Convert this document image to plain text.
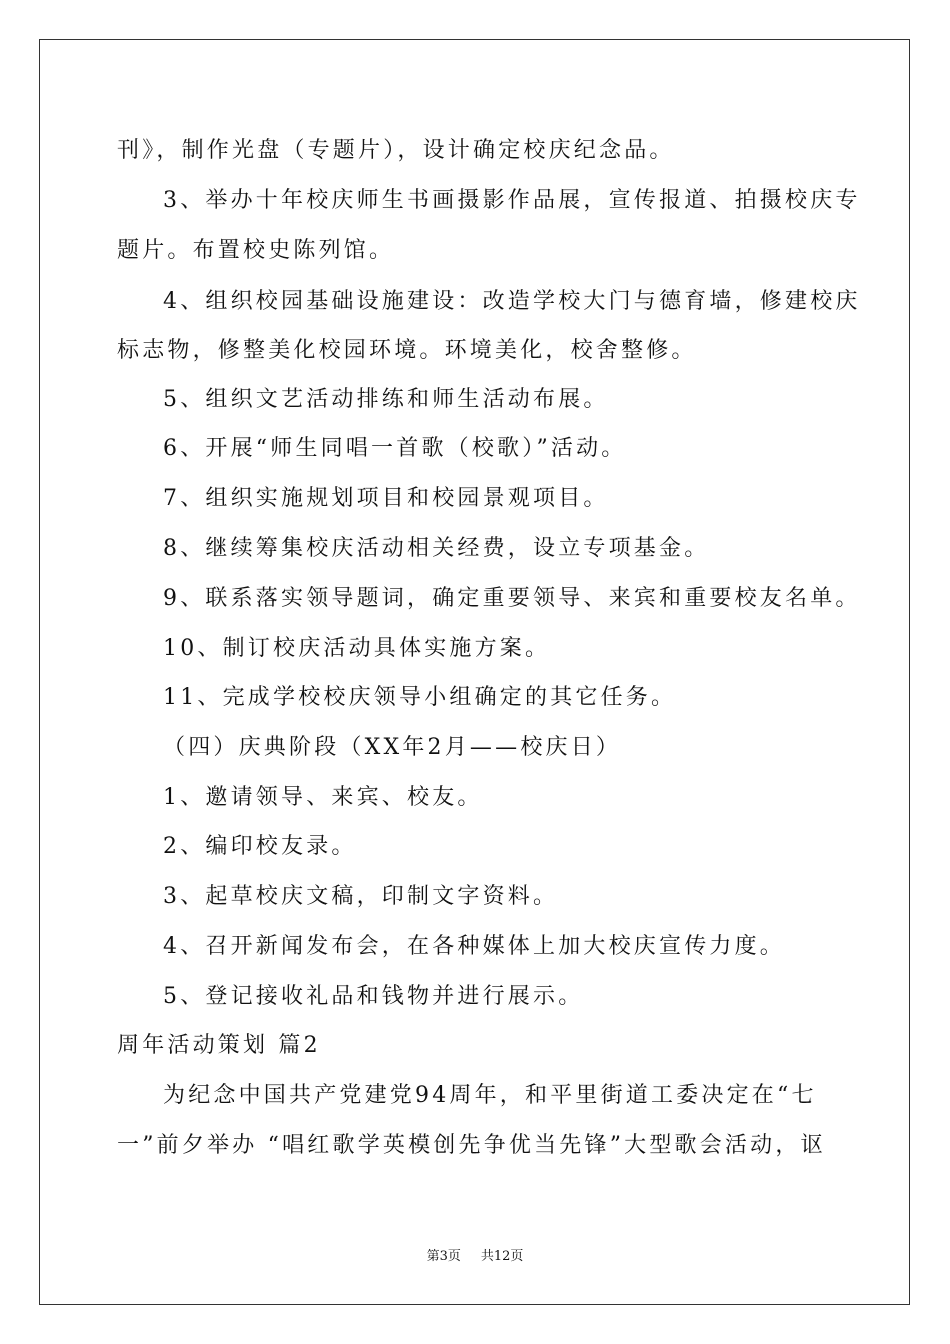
刊》，制作光盘（专题片），设计确定校庆纪念品。
3、举办十年校庆师生书画摄影作品展，宣传报道、拍摄校庆专
题片。布置校史陈列馆。
4、组织校园基础设施建设：改造学校大门与德育墙，修建校庆
标志物，修整美化校园环境。环境美化，校舍整修。
5、组织文艺活动排练和师生活动布展。
6、开展“师生同唱一首歌（校歌）”活动。
7、组织实施规划项目和校园景观项目。
8、继续筹集校庆活动相关经费，设立专项基金。
9、联系落实领导题词，确定重要领导、来宾和重要校友名单。
10、制订校庆活动具体实施方案。
11、完成学校校庆领导小组确定的其它任务。
（四）庆典阶段（XX年2月——校庆日）
1、邀请领导、来宾、校友。
2、编印校友录。
3、起草校庆文稿，印制文字资料。
4、召开新闻发布会，在各种媒体上加大校庆宣传力度。
5、登记接收礼品和钱物并进行展示。
周年活动策划 篇2
为纪念中国共产党建党94周年，和平里街道工委决定在“七
一”前夕举办 “唱红歌学英模创先争优当先锋”大型歌会活动，讴
第3页 共12页
